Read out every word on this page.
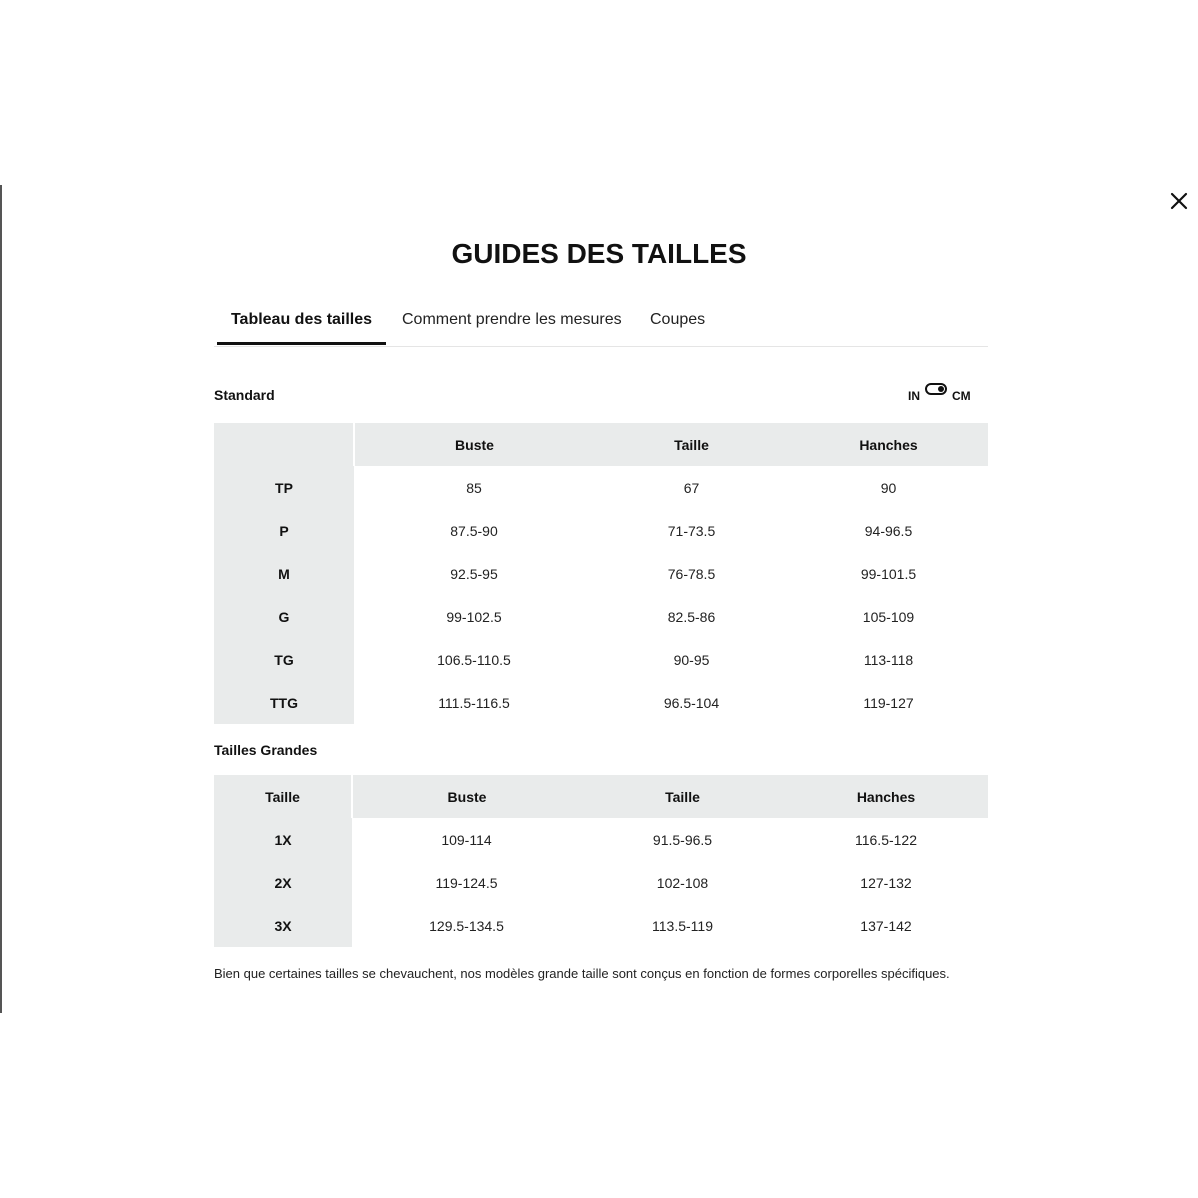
GUIDES DES TAILLES
Tableau des tailles	Comment prendre les mesures Coupes
Standard	IN	CM
	Buste	Taille	Hanches
TP	85	67	90
P	87.5-90	71-73.5	94-96.5
M	92.5-95	76-78.5	99-101.5
G	99-102.5	82.5-86	105-109
TG	106.5-110.5	90-95	113-118
TTG	111.5-116.5	96.5-104	119-127
Tailles Grandes
Taille	Buste	Taille	Hanches
1X	109-114	91.5-96.5	116.5-122
2X	119-124.5	102-108	127-132
3X	129.5-134.5	113.5-119	137-142

Bien que certaines tailles se chevauchent, nos modèles grande taille sont conçus en fonction de formes corporelles spécifiques.
